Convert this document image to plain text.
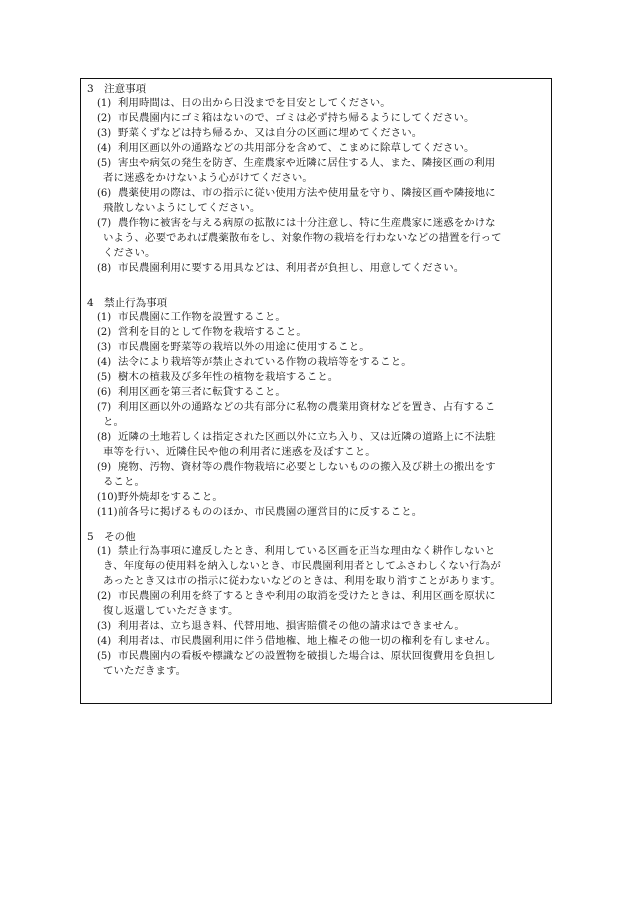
3　注意事項
(1) 利用時間は、日の出から日没までを目安としてください。
(2) 市民農園内にゴミ箱はないので、ゴミは必ず持ち帰るようにしてください。
(3) 野菜くずなどは持ち帰るか、又は自分の区画に埋めてください。
(4) 利用区画以外の通路などの共用部分を含めて、こまめに除草してください。
(5) 害虫や病気の発生を防ぎ、生産農家や近隣に居住する人、また、隣接区画の利用
者に迷惑をかけないよう心がけてください。
(6) 農薬使用の際は、市の指示に従い使用方法や使用量を守り、隣接区画や隣接地に
飛散しないようにしてください。
(7) 農作物に被害を与える病原の拡散には十分注意し、特に生産農家に迷惑をかけな
いよう、必要であれば農薬散布をし、対象作物の栽培を行わないなどの措置を行って
ください。
(8) 市民農園利用に要する用具などは、利用者が負担し、用意してください。
4　禁止行為事項
(1) 市民農園に工作物を設置すること。
(2) 営利を目的として作物を栽培すること。
(3) 市民農園を野菜等の栽培以外の用途に使用すること。
(4) 法令により栽培等が禁止されている作物の栽培等をすること。
(5) 樹木の植栽及び多年性の植物を栽培すること。
(6) 利用区画を第三者に転貸すること。
(7) 利用区画以外の通路などの共有部分に私物の農業用資材などを置き、占有するこ
と。
(8) 近隣の土地若しくは指定された区画以外に立ち入り、又は近隣の道路上に不法駐
車等を行い、近隣住民や他の利用者に迷惑を及ぼすこと。
(9) 廃物、汚物、資材等の農作物栽培に必要としないものの搬入及び耕土の搬出をす
ること。
(10) 野外焼却をすること。
(11) 前各号に掲げるもののほか、市民農園の運営目的に反すること。
5　その他
(1) 禁止行為事項に違反したとき、利用している区画を正当な理由なく耕作しないと
き、年度毎の使用料を納入しないとき、市民農園利用者としてふさわしくない行為が
あったとき又は市の指示に従わないなどのときは、利用を取り消すことがあります。
(2) 市民農園の利用を終了するときや利用の取消を受けたときは、利用区画を原状に
復し返還していただきます。
(3) 利用者は、立ち退き料、代替用地、損害賠償その他の請求はできません。
(4) 利用者は、市民農園利用に伴う借地権、地上権その他一切の権利を有しません。
(5) 市民農園内の看板や標識などの設置物を破損した場合は、原状回復費用を負担し
ていただきます。
